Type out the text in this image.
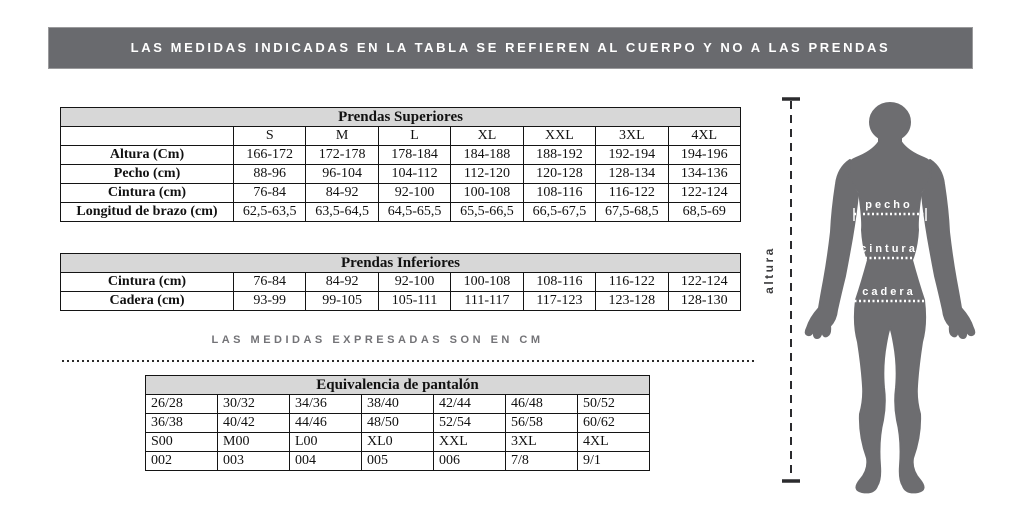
LAS MEDIDAS INDICADAS EN LA TABLA SE REFIEREN AL CUERPO Y NO A LAS PRENDAS
Prendas Superiores							
	S	M	L	XL	XXL	3XL	4XL
Altura (Cm)	166-172	172-178	178-184	184-188	188-192	192-194	194-196
Pecho (cm)	88-96	96-104	104-112	112-120	120-128	128-134	134-136
Cintura (cm)	76-84	84-92	92-100	100-108	108-116	116-122	122-124
Longitud de brazo (cm)	62,5-63,5	63,5-64,5	64,5-65,5	65,5-66,5	66,5-67,5	67,5-68,5	68,5-69
Prendas Inferiores							
Cintura (cm)	76-84	84-92	92-100	100-108	108-116	116-122	122-124
Cadera (cm)	93-99	99-105	105-111	111-117	117-123	123-128	128-130
LAS MEDIDAS EXPRESADAS SON EN CM
Equivalencia de pantalón						
26/28	30/32	34/36	38/40	42/44	46/48	50/52
36/38	40/42	44/46	48/50	52/54	56/58	60/62
S00	M00	L00	XL0	XXL	3XL	4XL
002	003	004	005	006	7/8	9/1
altura
pecho
cintura
cadera
